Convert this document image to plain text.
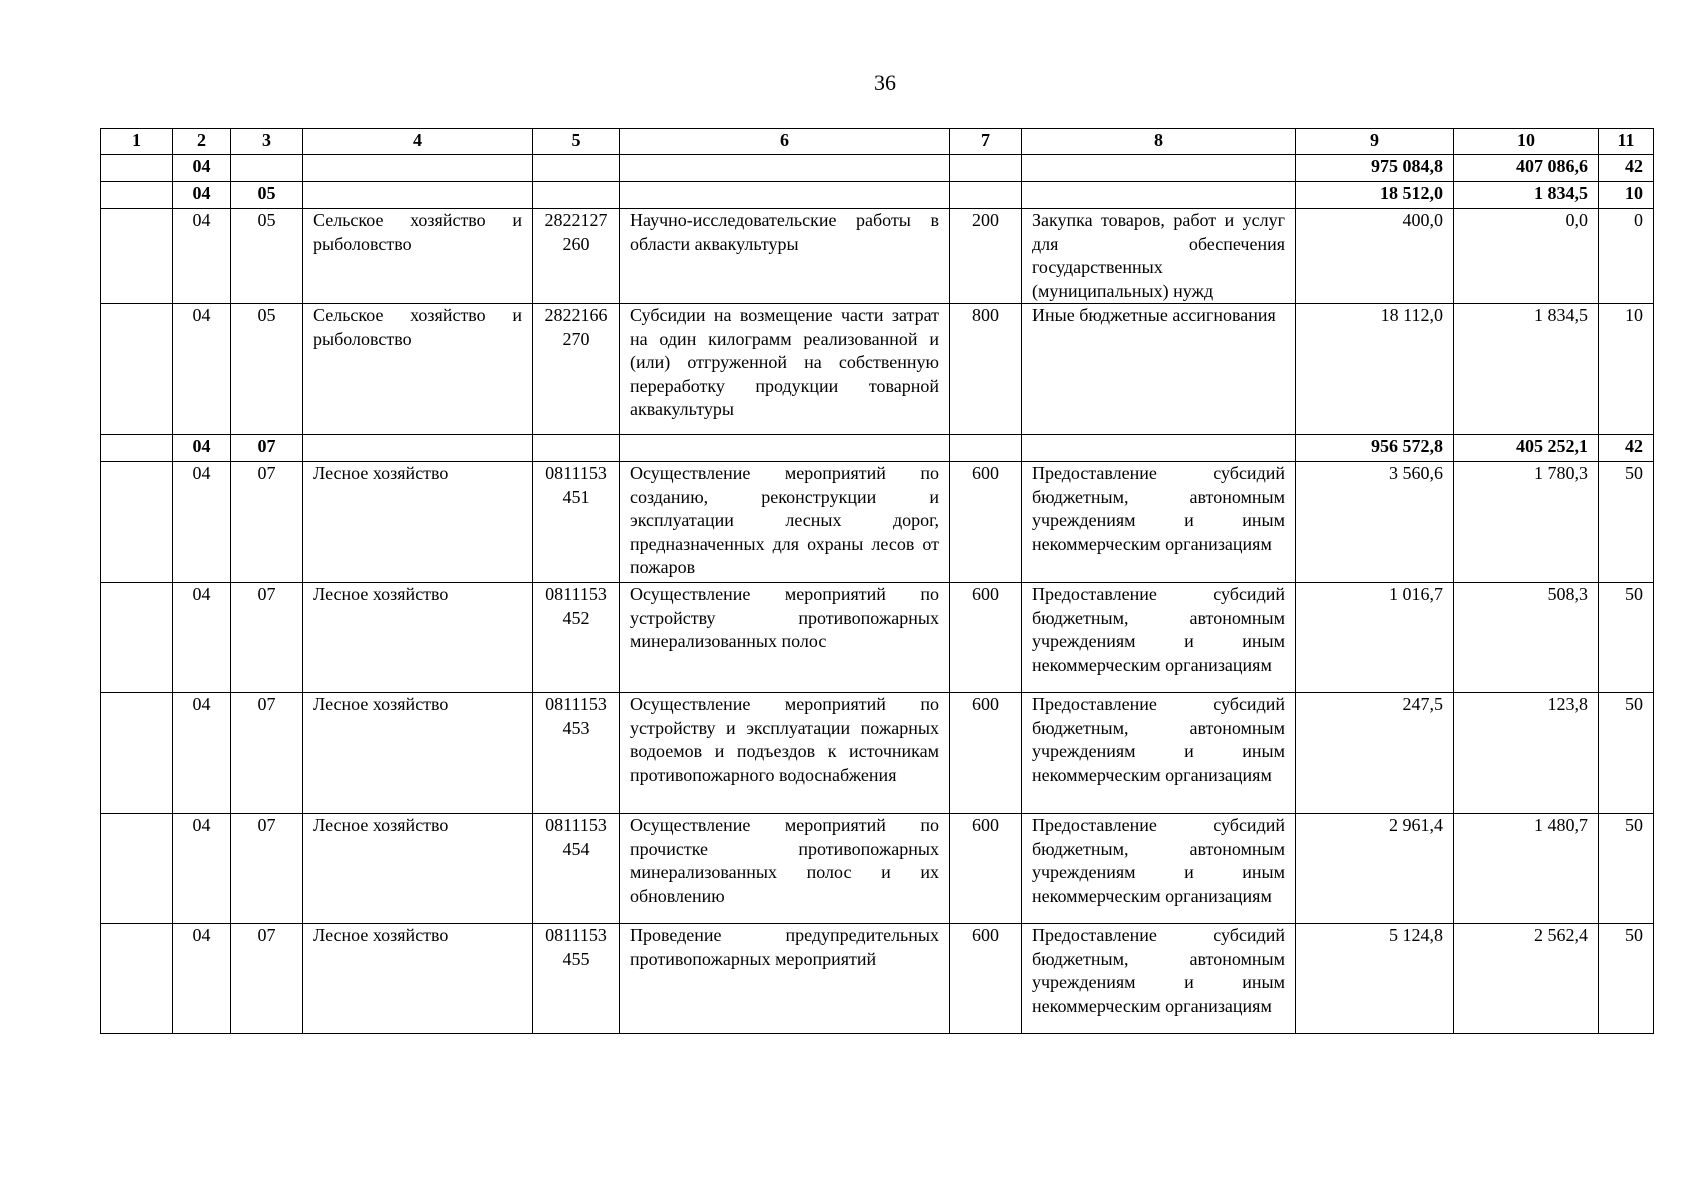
36
1	2	3	4	5	6	7	8	9	10	11
	04							975 084,8	407 086,6	42
	04	05						18 512,0	1 834,5	10
	04	05	Сельское хозяйство и рыболовство	2822127260	Научно-исследовательские работы в области аквакультуры	200	Закупка товаров, работ и услуг для обеспечения государственных (муниципальных) нужд	400,0	0,0	0
	04	05	Сельское хозяйство и рыболовство	2822166270	Субсидии на возмещение части затрат на один килограмм реализованной и (или) отгруженной на собственную переработку продукции товарной аквакультуры	800	Иные бюджетные ассигнования	18 112,0	1 834,5	10
	04	07						956 572,8	405 252,1	42
	04	07	Лесное хозяйство	0811153451	Осуществление мероприятий по созданию, реконструкции и эксплуатации лесных дорог, предназначенных для охраны лесов от пожаров	600	Предоставление субсидий бюджетным, автономным учреждениям и иным некоммерческим организациям	3 560,6	1 780,3	50
	04	07	Лесное хозяйство	0811153452	Осуществление мероприятий по устройству противопожарных минерализованных полос	600	Предоставление субсидий бюджетным, автономным учреждениям и иным некоммерческим организациям	1 016,7	508,3	50
	04	07	Лесное хозяйство	0811153453	Осуществление мероприятий по устройству и эксплуатации пожарных водоемов и подъездов к источникам противопожарного водоснабжения	600	Предоставление субсидий бюджетным, автономным учреждениям и иным некоммерческим организациям	247,5	123,8	50
	04	07	Лесное хозяйство	0811153454	Осуществление мероприятий по прочистке противопожарных минерализованных полос и их обновлению	600	Предоставление субсидий бюджетным, автономным учреждениям и иным некоммерческим организациям	2 961,4	1 480,7	50
	04	07	Лесное хозяйство	0811153455	Проведение предупредительных противопожарных мероприятий	600	Предоставление субсидий бюджетным, автономным учреждениям и иным некоммерческим организациям	5 124,8	2 562,4	50
